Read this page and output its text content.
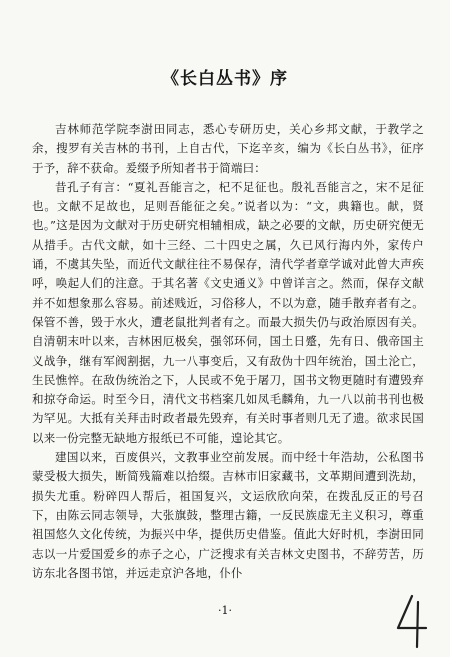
《长白丛书》序

吉林师范学院李澍田同志，悉心专研历史，关心乡邦文献，于教学之余，搜罗有关吉林的书刊，上自古代，下迄辛亥，编为《长白丛书》，征序于予，辞不获命。爰缀予所知者书于简端曰：

昔孔子有言：“夏礼吾能言之，杞不足征也。殷礼吾能言之，宋不足征也。文献不足故也，足则吾能征之矣。”说者以为：“文，典籍也。献，贤也。”这是因为文献对于历史研究相辅相成，缺之必要的文献，历史研究便无从措手。古代文献，如十三经、二十四史之属，久已风行海内外，家传户诵，不虞其失坠，而近代文献往往不易保存，清代学者章学诚对此曾大声疾呼，唤起人们的注意。于其名著《文史通义》中曾详言之。然而，保存文献并不如想象那么容易。前述贱近，习俗移人，不以为意，随手散弃者有之。保管不善，毁于水火，遭老鼠批判者有之。而最大损失仍与政治原因有关。自清朝末叶以来，吉林困厄极矣，强邻环伺，国土日蹙，先有日、俄帝国主义战争，继有军阀割据，九一八事变后，又有敌伪十四年统治，国土沦亡，生民憔悴。在敌伪统治之下，人民或不免于屠刀，国书文物更随时有遭毁弃和掠夺命运。时至今日，清代文书档案几如凤毛麟角，九一八以前书刊也极为罕见。大抵有关拜击时政者最先毁弃，有关时事者则几无了遗。欲求民国以来一份完整无缺地方报纸已不可能，遑论其它。

建国以来，百废俱兴，文教事业空前发展。而中经十年浩劫，公私图书蒙受极大损失，断简残篇难以拾缀。吉林市旧家藏书，文革期间遭到洗劫，损失尤重。粉碎四人帮后，祖国复兴，文运欣欣向荣，在拨乱反正的号召下，由陈云同志领导，大张旗鼓，整理古籍，一反民族虚无主义积习，尊重祖国悠久文化传统，为振兴中华，提供历史借鉴。值此大好时机，李澍田同志以一片爱国爱乡的赤子之心，广泛搜求有关吉林文史图书，不辞劳苦，历访东北各图书馆，并远走京沪各地，仆仆

·1·
